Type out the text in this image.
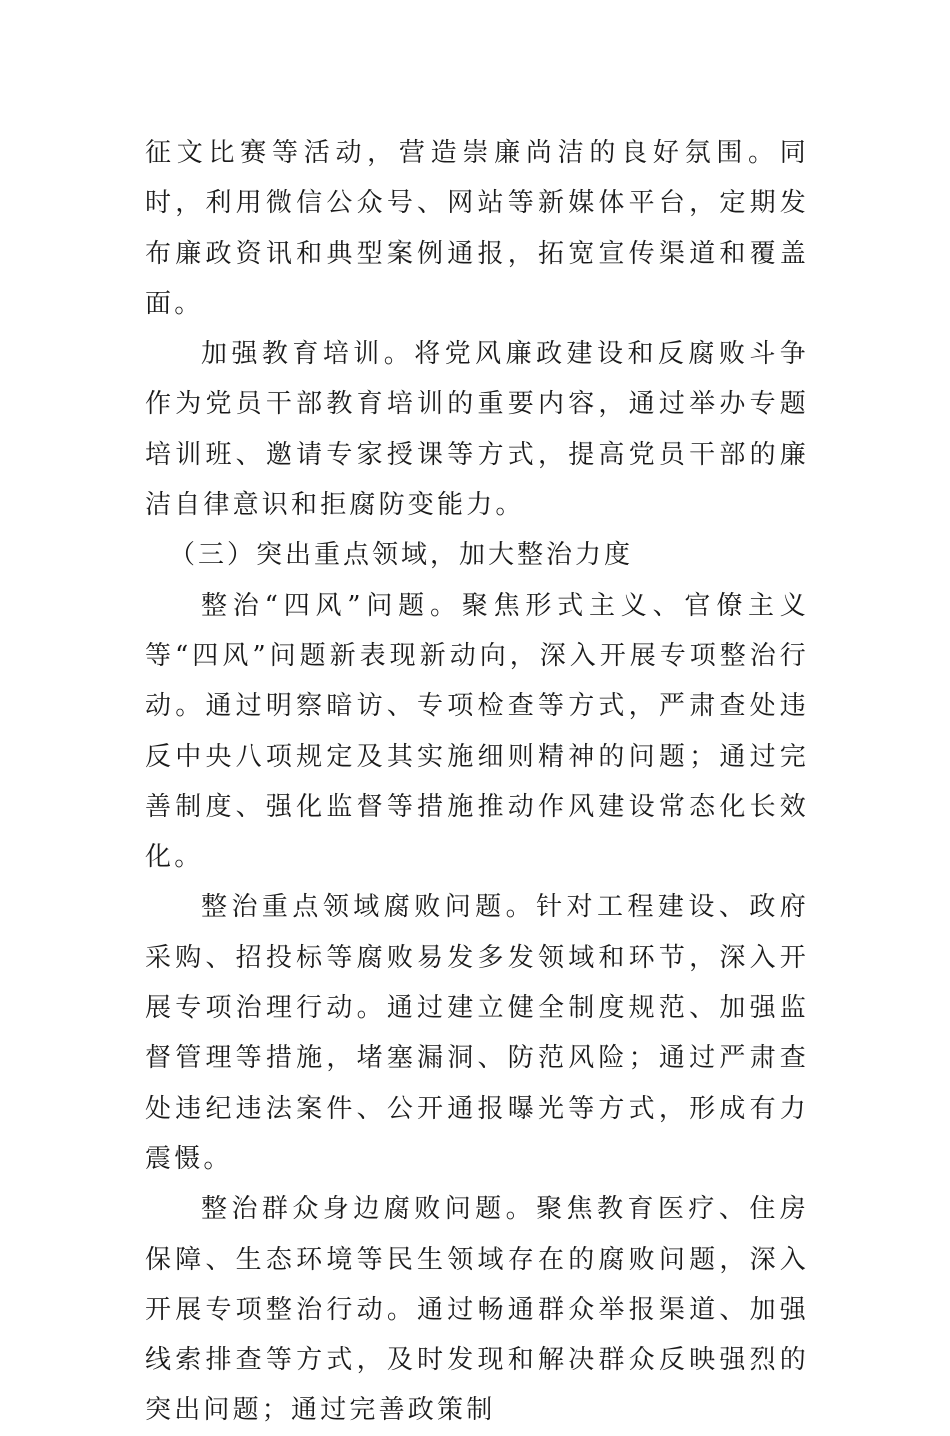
征文比赛等活动，营造崇廉尚洁的良好氛围。同时，利用微信公众号、网站等新媒体平台，定期发布廉政资讯和典型案例通报，拓宽宣传渠道和覆盖面。

加强教育培训。将党风廉政建设和反腐败斗争作为党员干部教育培训的重要内容，通过举办专题培训班、邀请专家授课等方式，提高党员干部的廉洁自律意识和拒腐防变能力。

（三）突出重点领域，加大整治力度

整治“四风”问题。聚焦形式主义、官僚主义等“四风”问题新表现新动向，深入开展专项整治行动。通过明察暗访、专项检查等方式，严肃查处违反中央八项规定及其实施细则精神的问题；通过完善制度、强化监督等措施推动作风建设常态化长效化。

整治重点领域腐败问题。针对工程建设、政府采购、招投标等腐败易发多发领域和环节，深入开展专项治理行动。通过建立健全制度规范、加强监督管理等措施，堵塞漏洞、防范风险；通过严肃查处违纪违法案件、公开通报曝光等方式，形成有力震慑。

整治群众身边腐败问题。聚焦教育医疗、住房保障、生态环境等民生领域存在的腐败问题，深入开展专项整治行动。通过畅通群众举报渠道、加强线索排查等方式，及时发现和解决群众反映强烈的突出问题；通过完善政策制
